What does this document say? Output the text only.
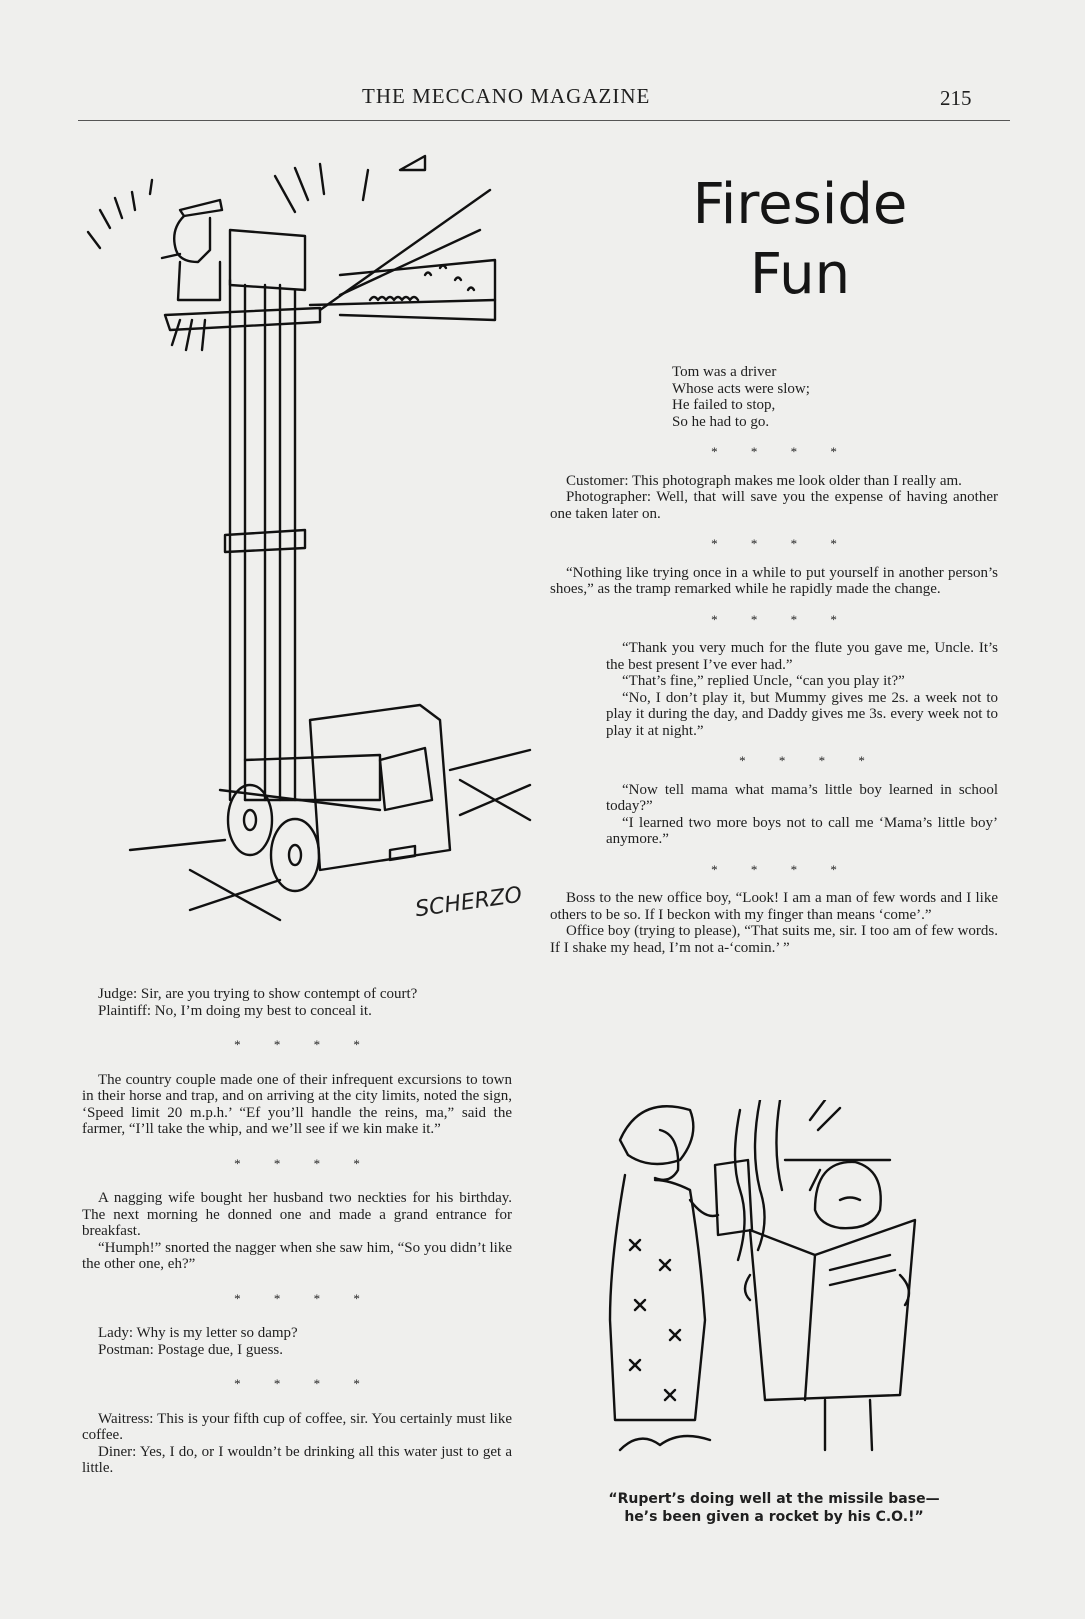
THE MECCANO MAGAZINE	215
Fireside
Fun
SCHERZO

Tom was a driver

Whose acts were slow;

He failed to stop,

So he had to go.

* * * *

Customer: This photograph makes me look older than I really am.

Photographer: Well, that will save you the expense of having another one taken later on.

* * * *

“Nothing like trying once in a while to put yourself in another person’s shoes,” as the tramp remarked while he rapidly made the change.

* * * *

“Thank you very much for the flute you gave me, Uncle. It’s the best present I’ve ever had.”

“That’s fine,” replied Uncle, “can you play it?”

“No, I don’t play it, but Mummy gives me 2s. a week not to play it during the day, and Daddy gives me 3s. every week not to play it at night.”

* * * *

“Now tell mama what mama’s little boy learned in school today?”

“I learned two more boys not to call me ‘Mama’s little boy’ anymore.”

* * * *

Boss to the new office boy, “Look! I am a man of few words and I like others to be so. If I beckon with my finger than means ‘come’.”

Office boy (trying to please), “That suits me, sir. I too am of few words. If I shake my head, I’m not a-‘comin.’ ”

Judge: Sir, are you trying to show contempt of court?

Plaintiff: No, I’m doing my best to conceal it.

* * * *

The country couple made one of their infrequent excursions to town in their horse and trap, and on arriving at the city limits, noted the sign, ‘Speed limit 20 m.p.h.’ “Ef you’ll handle the reins, ma,” said the farmer, “I’ll take the whip, and we’ll see if we kin make it.”

* * * *

A nagging wife bought her husband two neckties for his birthday. The next morning he donned one and made a grand entrance for breakfast.

“Humph!” snorted the nagger when she saw him, “So you didn’t like the other one, eh?”

* * * *

Lady: Why is my letter so damp?

Postman: Postage due, I guess.

* * * *

Waitress: This is your fifth cup of coffee, sir. You certainly must like coffee.

Diner: Yes, I do, or I wouldn’t be drinking all this water just to get a little.

“Rupert’s doing well at the missile base—he’s been given a rocket by his C.O.!”
